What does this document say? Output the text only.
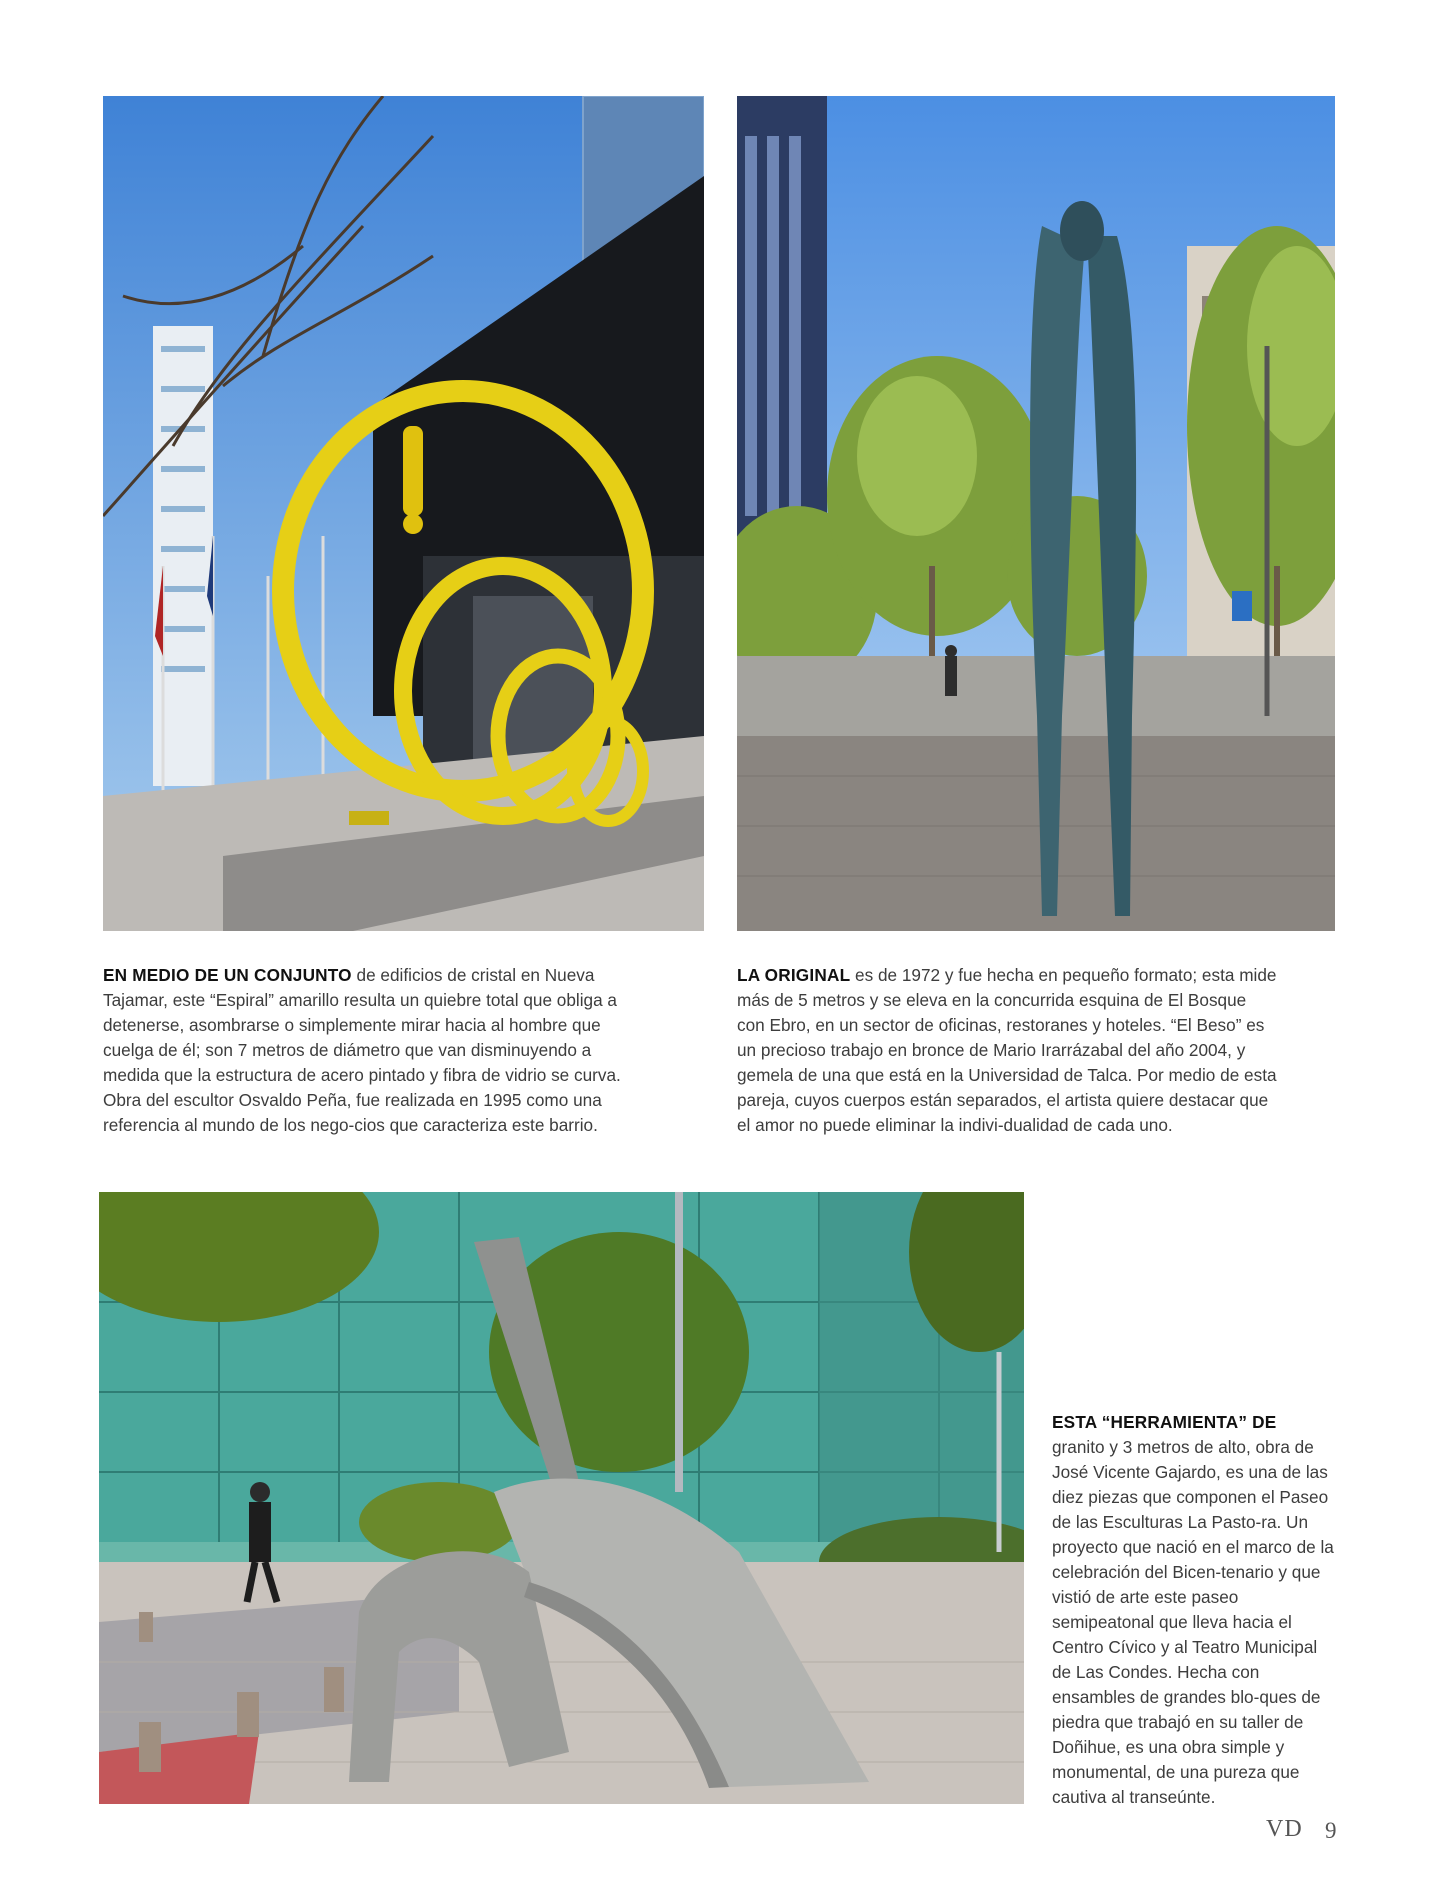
EN MEDIO DE UN CONJUNTO de edificios de cristal en Nueva Tajamar, este “Espiral” amarillo resulta un quiebre total que obliga a detenerse, asombrarse o simplemente mirar hacia al hombre que cuelga de él; son 7 metros de diámetro que van disminuyendo a medida que la estructura de acero pintado y fibra de vidrio se curva. Obra del escultor Osvaldo Peña, fue realizada en 1995 como una referencia al mundo de los nego-cios que caracteriza este barrio.

LA ORIGINAL es de 1972 y fue hecha en pequeño formato; esta mide más de 5 metros y se eleva en la concurrida esquina de El Bosque con Ebro, en un sector de oficinas, restoranes y hoteles. “El Beso” es un precioso trabajo en bronce de Mario Irarrázabal del año 2004, y gemela de una que está en la Universidad de Talca. Por medio de esta pareja, cuyos cuerpos están separados, el artista quiere destacar que el amor no puede eliminar la indivi-dualidad de cada uno.

ESTA “HERRAMIENTA” DE
granito y 3 metros de alto, obra de José Vicente Gajardo, es una de las diez piezas que componen el Paseo de las Esculturas La Pasto-ra. Un proyecto que nació en el marco de la celebración del Bicen-tenario y que vistió de arte este paseo semipeatonal que lleva hacia el Centro Cívico y al Teatro Municipal de Las Condes. Hecha con ensambles de grandes blo-ques de piedra que trabajó en su taller de Doñihue, es una obra simple y monumental, de una pureza que cautiva al transeúnte.

VD 9
